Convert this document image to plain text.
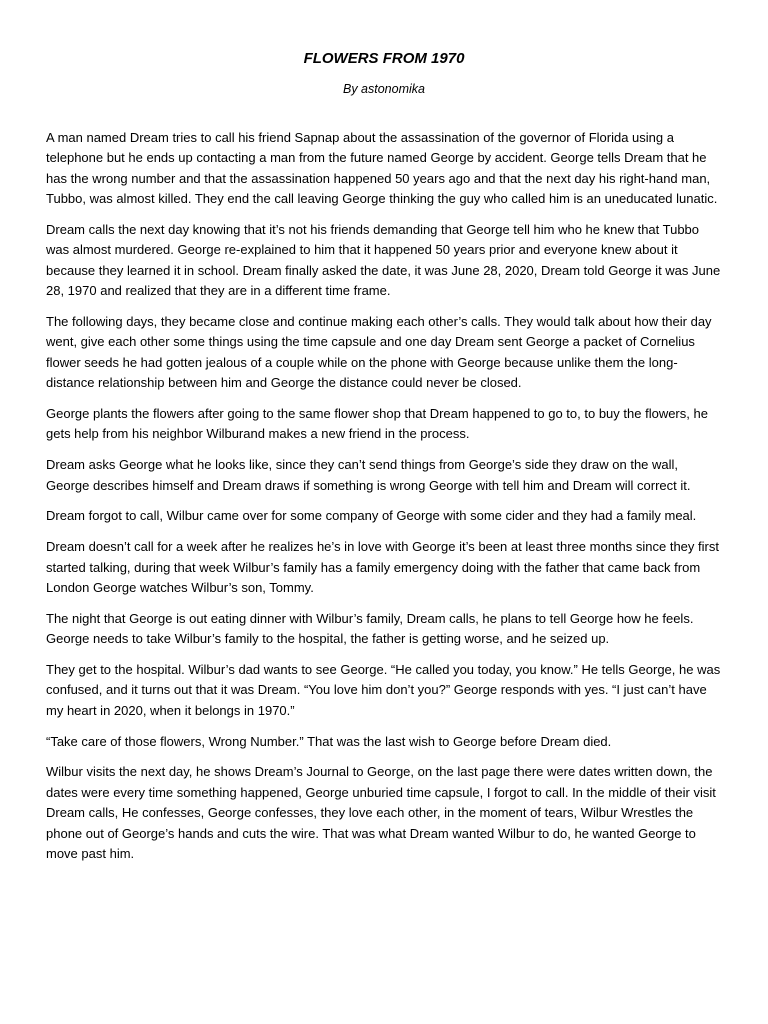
FLOWERS FROM 1970
By astonomika

A man named Dream tries to call his friend Sapnap about the assassination of the governor of Florida using a telephone but he ends up contacting a man from the future named George by accident. George tells Dream that he has the wrong number and that the assassination happened 50 years ago and that the next day his right-hand man, Tubbo, was almost killed. They end the call leaving George thinking the guy who called him is an uneducated lunatic.

Dream calls the next day knowing that it’s not his friends demanding that George tell him who he knew that Tubbo was almost murdered. George re-explained to him that it happened 50 years prior and everyone knew about it because they learned it in school. Dream finally asked the date, it was June 28, 2020, Dream told George it was June 28, 1970 and realized that they are in a different time frame.

The following days, they became close and continue making each other’s calls. They would talk about how their day went, give each other some things using the time capsule and one day Dream sent George a packet of Cornelius flower seeds he had gotten jealous of a couple while on the phone with George because unlike them the long-distance relationship between him and George the distance could never be closed.

George plants the flowers after going to the same flower shop that Dream happened to go to, to buy the flowers, he gets help from his neighbor Wilburand makes a new friend in the process.

Dream asks George what he looks like, since they can’t send things from George’s side they draw on the wall, George describes himself and Dream draws if something is wrong George with tell him and Dream will correct it.

Dream forgot to call, Wilbur came over for some company of George with some cider and they had a family meal.

Dream doesn’t call for a week after he realizes he’s in love with George it’s been at least three months since they first started talking, during that week Wilbur’s family has a family emergency doing with the father that came back from London George watches Wilbur’s son, Tommy.

The night that George is out eating dinner with Wilbur’s family, Dream calls, he plans to tell George how he feels. George needs to take Wilbur’s family to the hospital, the father is getting worse, and he seized up.

They get to the hospital. Wilbur’s dad wants to see George. “He called you today, you know.” He tells George, he was confused, and it turns out that it was Dream. “You love him don’t you?” George responds with yes. “I just can’t have my heart in 2020, when it belongs in 1970.”

“Take care of those flowers, Wrong Number.” That was the last wish to George before Dream died.

Wilbur visits the next day, he shows Dream’s Journal to George, on the last page there were dates written down, the dates were every time something happened, George unburied time capsule, I forgot to call. In the middle of their visit Dream calls, He confesses, George confesses, they love each other, in the moment of tears, Wilbur Wrestles the phone out of George’s hands and cuts the wire. That was what Dream wanted Wilbur to do, he wanted George to move past him.
